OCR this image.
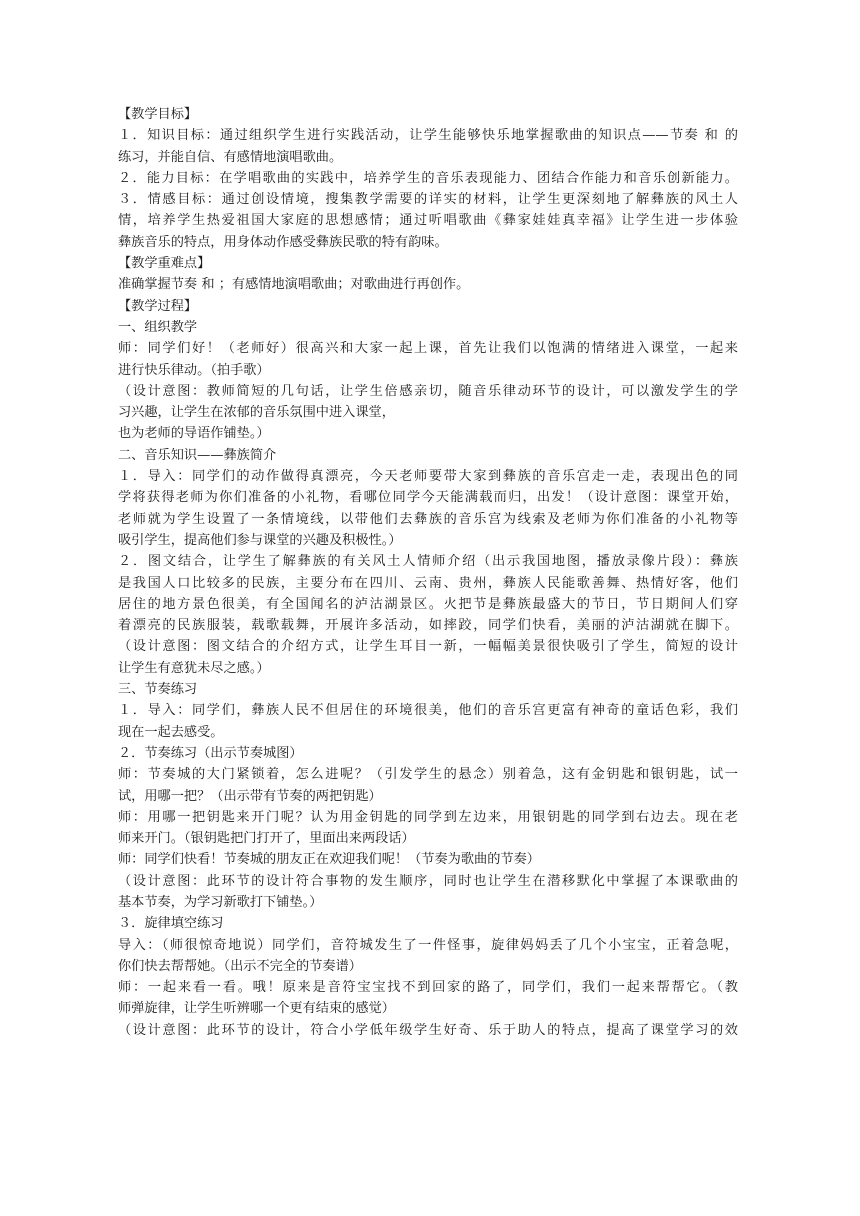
【教学目标】
１．知识目标：通过组织学生进行实践活动，让学生能够快乐地掌握歌曲的知识点——节奏 和 的
练习，并能自信、有感情地演唱歌曲。
２．能力目标：在学唱歌曲的实践中，培养学生的音乐表现能力、团结合作能力和音乐创新能力。
３．情感目标：通过创设情境，搜集教学需要的详实的材料，让学生更深刻地了解彝族的风土人
情，培养学生热爱祖国大家庭的思想感情；通过听唱歌曲《彝家娃娃真幸福》让学生进一步体验
彝族音乐的特点，用身体动作感受彝族民歌的特有韵味。
【教学重难点】
准确掌握节奏 和 ；有感情地演唱歌曲；对歌曲进行再创作。
【教学过程】
一、组织教学
师：同学们好！（老师好）很高兴和大家一起上课，首先让我们以饱满的情绪进入课堂，一起来
进行快乐律动。（拍手歌）
（设计意图：教师简短的几句话，让学生倍感亲切，随音乐律动环节的设计，可以激发学生的学
习兴趣，让学生在浓郁的音乐氛围中进入课堂，
也为老师的导语作铺垫。）
二、音乐知识——彝族简介
１．导入：同学们的动作做得真漂亮，今天老师要带大家到彝族的音乐宫走一走，表现出色的同
学将获得老师为你们准备的小礼物，看哪位同学今天能满载而归，出发！（设计意图：课堂开始，
老师就为学生设置了一条情境线，以带他们去彝族的音乐宫为线索及老师为你们准备的小礼物等
吸引学生，提高他们参与课堂的兴趣及积极性。）
２．图文结合，让学生了解彝族的有关风土人情师介绍（出示我国地图，播放录像片段）：彝族
是我国人口比较多的民族，主要分布在四川、云南、贵州，彝族人民能歌善舞、热情好客，他们
居住的地方景色很美，有全国闻名的泸沽湖景区。火把节是彝族最盛大的节日，节日期间人们穿
着漂亮的民族服装，载歌载舞，开展许多活动，如摔跤，同学们快看，美丽的泸沽湖就在脚下。
（设计意图：图文结合的介绍方式，让学生耳目一新，一幅幅美景很快吸引了学生，简短的设计
让学生有意犹未尽之感。）
三、节奏练习
１．导入：同学们，彝族人民不但居住的环境很美，他们的音乐宫更富有神奇的童话色彩，我们
现在一起去感受。
２．节奏练习（出示节奏城图）
师：节奏城的大门紧锁着，怎么进呢？（引发学生的悬念）别着急，这有金钥匙和银钥匙，试一
试，用哪一把？（出示带有节奏的两把钥匙）
师：用哪一把钥匙来开门呢？认为用金钥匙的同学到左边来，用银钥匙的同学到右边去。现在老
师来开门。（银钥匙把门打开了，里面出来两段话）
师：同学们快看！节奏城的朋友正在欢迎我们呢！（节奏为歌曲的节奏）
（设计意图：此环节的设计符合事物的发生顺序，同时也让学生在潜移默化中掌握了本课歌曲的
基本节奏，为学习新歌打下铺垫。）
３．旋律填空练习
导入：（师很惊奇地说）同学们，音符城发生了一件怪事，旋律妈妈丢了几个小宝宝，正着急呢，
你们快去帮帮她。（出示不完全的节奏谱）
师：一起来看一看。哦！原来是音符宝宝找不到回家的路了，同学们，我们一起来帮帮它。（教
师弹旋律，让学生听辨哪一个更有结束的感觉）
（设计意图：此环节的设计，符合小学低年级学生好奇、乐于助人的特点，提高了课堂学习的效
